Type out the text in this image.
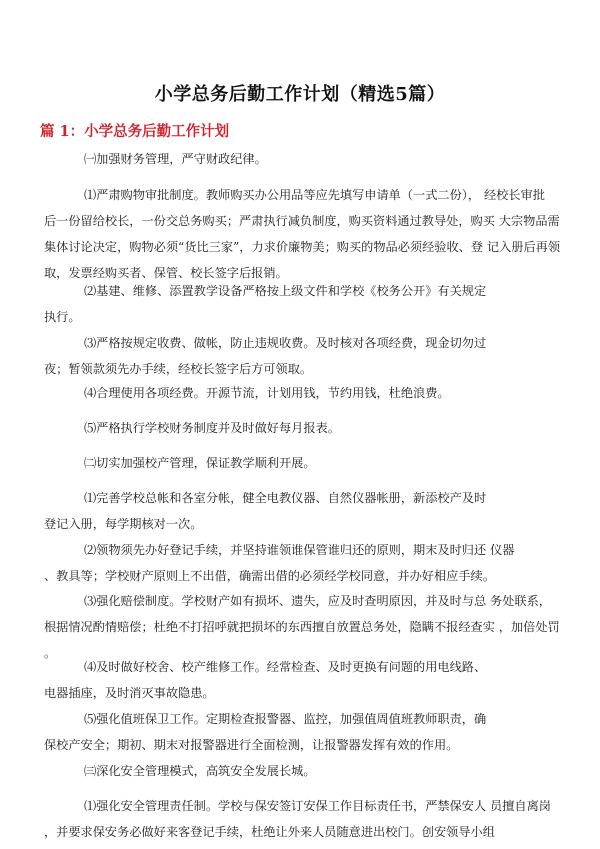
小学总务后勤工作计划（精选5篇）
篇 1：小学总务后勤工作计划
㈠加强财务管理，严守财政纪律。
⑴严肃购物审批制度。教师购买办公用品等应先填写申请单（一式二份）， 经校长审批
后一份留给校长，一份交总务购买；严肃执行减负制度，购买资料通过教导处，购买 大宗物品需
集体讨论决定，购物必须“货比三家”，力求价廉物美；购买的物品必须经验收、登 记入册后再领
取，发票经购买者、保管、校长签字后报销。
⑵基建、维修、添置教学设备严格按上级文件和学校《校务公开》有关规定
执行。
⑶严格按规定收费、做帐，防止违规收费。及时核对各项经费，现金切勿过
夜；暂领款须先办手续，经校长签字后方可领取。
⑷合理使用各项经费。开源节流，计划用钱，节约用钱，杜绝浪费。
⑸严格执行学校财务制度并及时做好每月报表。
㈡切实加强校产管理，保证教学顺利开展。
⑴完善学校总帐和各室分帐，健全电教仪器、自然仪器帐册，新添校产及时
登记入册，每学期核对一次。
⑵领物须先办好登记手续，并坚持谁领谁保管谁归还的原则，期末及时归还 仪器
、教具等；学校财产原则上不出借，确需出借的必须经学校同意，并办好相应手续。
⑶强化赔偿制度。学校财产如有损坏、遗失，应及时查明原因，并及时与总 务处联系，
根据情况酌情赔偿；杜绝不打招呼就把损坏的东西擅自放置总务处，隐瞒不报经查实 ，加倍处罚
。
⑷及时做好校舍、校产维修工作。经常检查、及时更换有问题的用电线路、
电器插座，及时消灭事故隐患。
⑸强化值班保卫工作。定期检查报警器、监控，加强值周值班教师职责，确
保校产安全；期初、期末对报警器进行全面检测，让报警器发挥有效的作用。
㈢深化安全管理模式，高筑安全发展长城。
⑴强化安全管理责任制。学校与保安签订安保工作目标责任书，严禁保安人 员擅自离岗
，并要求保安务必做好来客登记手续，杜绝让外来人员随意进出校门。创安领导小组
